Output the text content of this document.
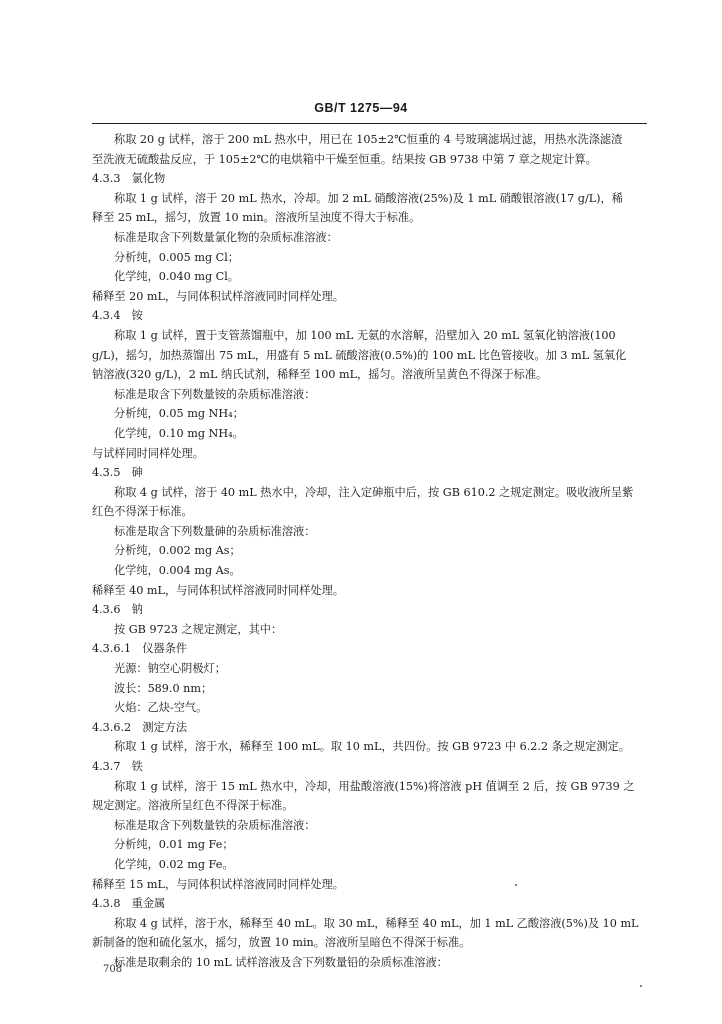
GB/T 1275—94
称取 20 g 试样，溶于 200 mL 热水中，用已在 105±2℃恒重的 4 号玻璃滤埚过滤，用热水洗涤滤渣
至洗液无硫酸盐反应，于 105±2℃的电烘箱中干燥至恒重。结果按 GB 9738 中第 7 章之规定计算。
4.3.3　氯化物
称取 1 g 试样，溶于 20 mL 热水，冷却。加 2 mL 硝酸溶液(25%)及 1 mL 硝酸银溶液(17 g/L)，稀
释至 25 mL，摇匀，放置 10 min。溶液所呈浊度不得大于标准。
标准是取含下列数量氯化物的杂质标准溶液：
分析纯，0.005 mg Cl；
化学纯，0.040 mg Cl。
稀释至 20 mL，与同体积试样溶液同时同样处理。
4.3.4　铵
称取 1 g 试样，置于支管蒸馏瓶中，加 100 mL 无氨的水溶解，沿壁加入 20 mL 氢氧化钠溶液(100
g/L)，摇匀，加热蒸馏出 75 mL，用盛有 5 mL 硫酸溶液(0.5%)的 100 mL 比色管接收。加 3 mL 氢氧化
钠溶液(320 g/L)，2 mL 纳氏试剂，稀释至 100 mL，摇匀。溶液所呈黄色不得深于标准。
标准是取含下列数量铵的杂质标准溶液：
分析纯，0.05 mg NH₄；
化学纯，0.10 mg NH₄。
与试样同时同样处理。
4.3.5　砷
称取 4 g 试样，溶于 40 mL 热水中，冷却，注入定砷瓶中后，按 GB 610.2 之规定测定。吸收液所呈紫
红色不得深于标准。
标准是取含下列数量砷的杂质标准溶液：
分析纯，0.002 mg As；
化学纯，0.004 mg As。
稀释至 40 mL，与同体积试样溶液同时同样处理。
4.3.6　钠
按 GB 9723 之规定测定，其中：
4.3.6.1　仪器条件
光源：钠空心阴极灯；
波长：589.0 nm；
火焰：乙炔-空气。
4.3.6.2　测定方法
称取 1 g 试样，溶于水，稀释至 100 mL。取 10 mL，共四份。按 GB 9723 中 6.2.2 条之规定测定。
4.3.7　铁
称取 1 g 试样，溶于 15 mL 热水中，冷却，用盐酸溶液(15%)将溶液 pH 值调至 2 后，按 GB 9739 之
规定测定。溶液所呈红色不得深于标准。
标准是取含下列数量铁的杂质标准溶液：
分析纯，0.01 mg Fe；
化学纯，0.02 mg Fe。
稀释至 15 mL，与同体积试样溶液同时同样处理。
4.3.8　重金属
称取 4 g 试样，溶于水，稀释至 40 mL。取 30 mL，稀释至 40 mL，加 1 mL 乙酸溶液(5%)及 10 mL
新制备的饱和硫化氢水，摇匀，放置 10 min。溶液所呈暗色不得深于标准。
标准是取剩余的 10 mL 试样溶液及含下列数量铅的杂质标准溶液：
708
